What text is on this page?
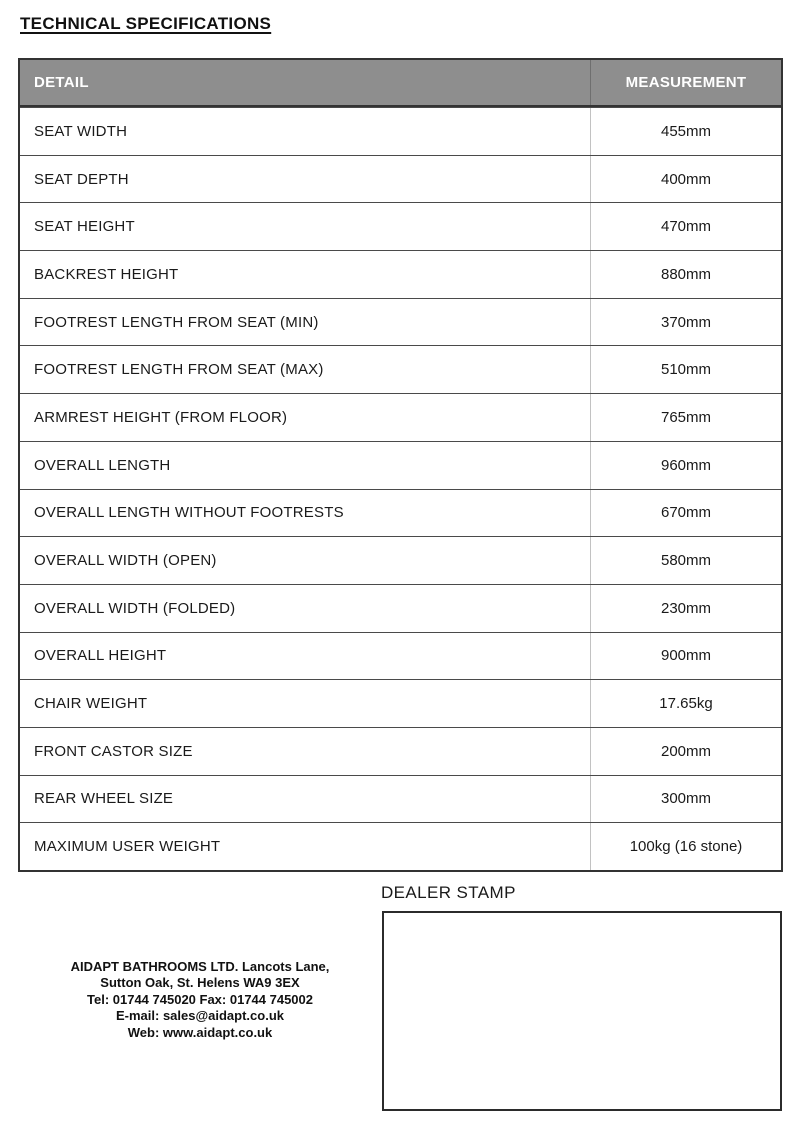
TECHNICAL SPECIFICATIONS
DETAIL	MEASUREMENT
SEAT WIDTH	455mm
SEAT DEPTH	400mm
SEAT HEIGHT	470mm
BACKREST HEIGHT	880mm
FOOTREST LENGTH FROM SEAT (MIN)	370mm
FOOTREST LENGTH FROM SEAT (MAX)	510mm
ARMREST HEIGHT (FROM FLOOR)	765mm
OVERALL LENGTH	960mm
OVERALL LENGTH WITHOUT FOOTRESTS	670mm
OVERALL WIDTH (OPEN)	580mm
OVERALL WIDTH (FOLDED)	230mm
OVERALL HEIGHT	900mm
CHAIR WEIGHT	17.65kg
FRONT CASTOR SIZE	200mm
REAR WHEEL SIZE	300mm
MAXIMUM USER WEIGHT	100kg (16 stone)
DEALER STAMP
AIDAPT BATHROOMS LTD. Lancots Lane,
Sutton Oak, St. Helens WA9 3EX
Tel: 01744 745020 Fax: 01744 745002
E-mail: sales@aidapt.co.uk
Web: www.aidapt.co.uk
